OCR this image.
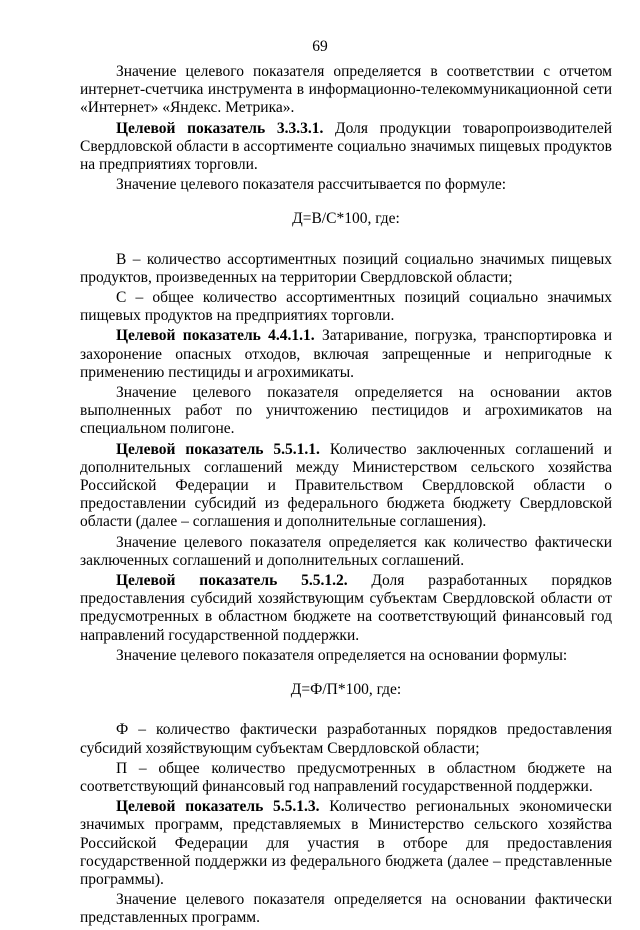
69

Значение целевого показателя определяется в соответствии с отчетом интернет-счетчика инструмента в информационно-телекоммуникационной сети «Интернет» «Яндекс. Метрика».

Целевой показатель 3.3.3.1. Доля продукции товаропроизводителей Свердловской области в ассортименте социально значимых пищевых продуктов на предприятиях торговли.

Значение целевого показателя рассчитывается по формуле:

Д=В/С*100, где:

В – количество ассортиментных позиций социально значимых пищевых продуктов, произведенных на территории Свердловской области;

С – общее количество ассортиментных позиций социально значимых пищевых продуктов на предприятиях торговли.

Целевой показатель 4.4.1.1. Затаривание, погрузка, транспортировка и захоронение опасных отходов, включая запрещенные и непригодные к применению пестициды и агрохимикаты.

Значение целевого показателя определяется на основании актов выполненных работ по уничтожению пестицидов и агрохимикатов на специальном полигоне.

Целевой показатель 5.5.1.1. Количество заключенных соглашений и дополнительных соглашений между Министерством сельского хозяйства Российской Федерации и Правительством Свердловской области о предоставлении субсидий из федерального бюджета бюджету Свердловской области (далее – соглашения и дополнительные соглашения).

Значение целевого показателя определяется как количество фактически заключенных соглашений и дополнительных соглашений.

Целевой показатель 5.5.1.2. Доля разработанных порядков предоставления субсидий хозяйствующим субъектам Свердловской области от предусмотренных в областном бюджете на соответствующий финансовый год направлений государственной поддержки.

Значение целевого показателя определяется на основании формулы:

Д=Ф/П*100, где:

Ф – количество фактически разработанных порядков предоставления субсидий хозяйствующим субъектам Свердловской области;

П – общее количество предусмотренных в областном бюджете на соответствующий финансовый год направлений государственной поддержки.

Целевой показатель 5.5.1.3. Количество региональных экономически значимых программ, представляемых в Министерство сельского хозяйства Российской Федерации для участия в отборе для предоставления государственной поддержки из федерального бюджета (далее – представленные программы).

Значение целевого показателя определяется на основании фактически представленных программ.
